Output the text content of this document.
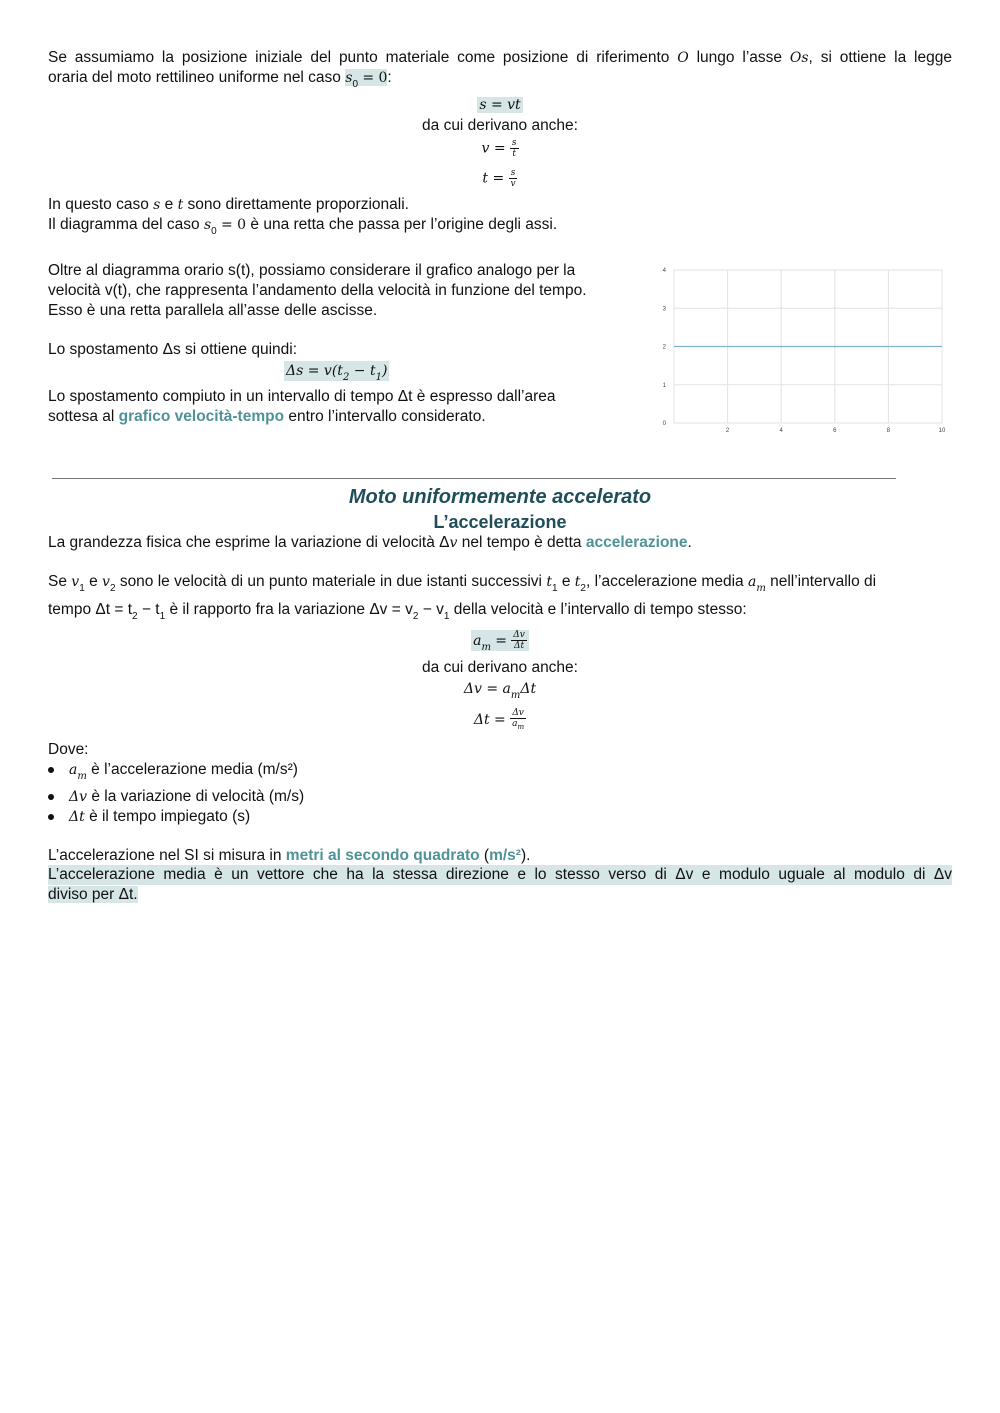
Se assumiamo la posizione iniziale del punto materiale come posizione di riferimento O lungo l’asse Os, si ottiene la legge
oraria del moto rettilineo uniforme nel caso $s_0 = 0$:
s = vt
da cui derivano anche:
$v = \frac{s}{t}$
$t = \frac{s}{v}$
In questo caso s e t sono direttamente proporzionali.
Il diagramma del caso $s_0 = 0$ è una retta che passa per l’origine degli assi.
Oltre al diagramma orario s(t), possiamo considerare il grafico analogo per la
velocità v(t), che rappresenta l’andamento della velocità in funzione del tempo.
Esso è una retta parallela all’asse delle ascisse.
Lo spostamento Δs si ottiene quindi:
$\Delta s = v(t_2 - t_1)$
Lo spostamento compiuto in un intervallo di tempo Δt è espresso dall’area
sottesa al grafico velocità-tempo entro l’intervallo considerato.
Moto uniformemente accelerato
L’accelerazione
La grandezza fisica che esprime la variazione di velocità Δv nel tempo è detta accelerazione.
Se $v_1$ e $v_2$ sono le velocità di un punto materiale in due istanti successivi $t_1$ e $t_2$, l’accelerazione media $a_m$ nell’intervallo di
tempo $\Delta t = t_2 - t_1$ è il rapporto fra la variazione $\Delta v = v_2 - v_1$ della velocità e l’intervallo di tempo stesso:
$a_m = \frac{\Delta v}{\Delta t}$
da cui derivano anche:
$\Delta v = a_m\Delta t$
$\Delta t = \frac{\Delta v}{a_m}$
Dove:
$a_m$ è l’accelerazione media (m/s²)
Δv è la variazione di velocità (m/s)
Δt è il tempo impiegato (s)
L’accelerazione nel SI si misura in metri al secondo quadrato (m/s²).
L’accelerazione media è un vettore che ha la stessa direzione e lo stesso verso di Δv e modulo uguale al modulo di Δv
diviso per Δt.
0
1
2
3
4
2	4	6	8	10
